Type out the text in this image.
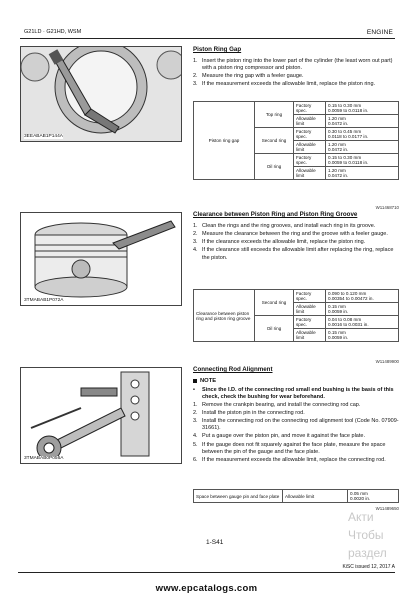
G21LD · G21HD, WSM	ENGINE
3EEABAB1P144A
Piston Ring Gap
1. Insert the piston ring into the lower part of the cylinder (the least worn out part) with a piston ring compressor and piston.
2. Measure the ring gap with a feeler gauge.
3. If the measurement exceeds the allowable limit, replace the piston ring.
Piston ring gap	Top ring	Factory spec.	0.15 to 0.30 mm
0.0059 to 0.0118 in.

		Allowable limit	1.20 mm
0.0472 in.

	Second ring	Factory spec.	0.30 to 0.45 mm
0.0118 to 0.0177 in.

		Allowable limit	1.20 mm
0.0472 in.

	Oil ring	Factory spec.	0.15 to 0.30 mm
0.0059 to 0.0118 in.

		Allowable limit	1.20 mm
0.0472 in.
W11468710
3TMABAB1P072A
Clearance between Piston Ring and Piston Ring Groove
1. Clean the rings and the ring grooves, and install each ring in its groove.
2. Measure the clearance between the ring and the groove with a feeler gauge.
3. If the clearance exceeds the allowable limit, replace the piston ring.
4. If the clearance still exceeds the allowable limit after replacing the ring, replace the piston.
Clearance between piston ring and piston ring groove	Second ring	Factory spec.	0.090 to 0.120 mm
0.00354 to 0.00472 in.

		Allowable limit	0.15 mm
0.0059 in.

	Oil ring	Factory spec.	0.04 to 0.08 mm
0.0016 to 0.0031 in.

		Allowable limit	0.15 mm
0.0059 in.
W11489900
3TMABAB0P056A
Connecting Rod Alignment
NOTE
•	Since the I.D. of the connecting rod small end bushing is the basis of this check, check the bushing for wear beforehand.
1. Remove the crankpin bearing, and install the connecting rod cap.
2. Install the piston pin in the connecting rod.
3. Install the connecting rod on the connecting rod alignment tool (Code No. 07909-31661).
4. Put a gauge over the piston pin, and move it against the face plate.
5. If the gauge does not fit squarely against the face plate, measure the space between the pin of the gauge and the face plate.
6. If the measurement exceeds the allowable limit, replace the connecting rod.
Space between gauge pin and face plate	Allowable limit	0.05 mm
0.0020 in.
W11489650
Акти
Чтобы
раздел
1-S41
KiSC issued 12, 2017 A
www.epcatalogs.com
